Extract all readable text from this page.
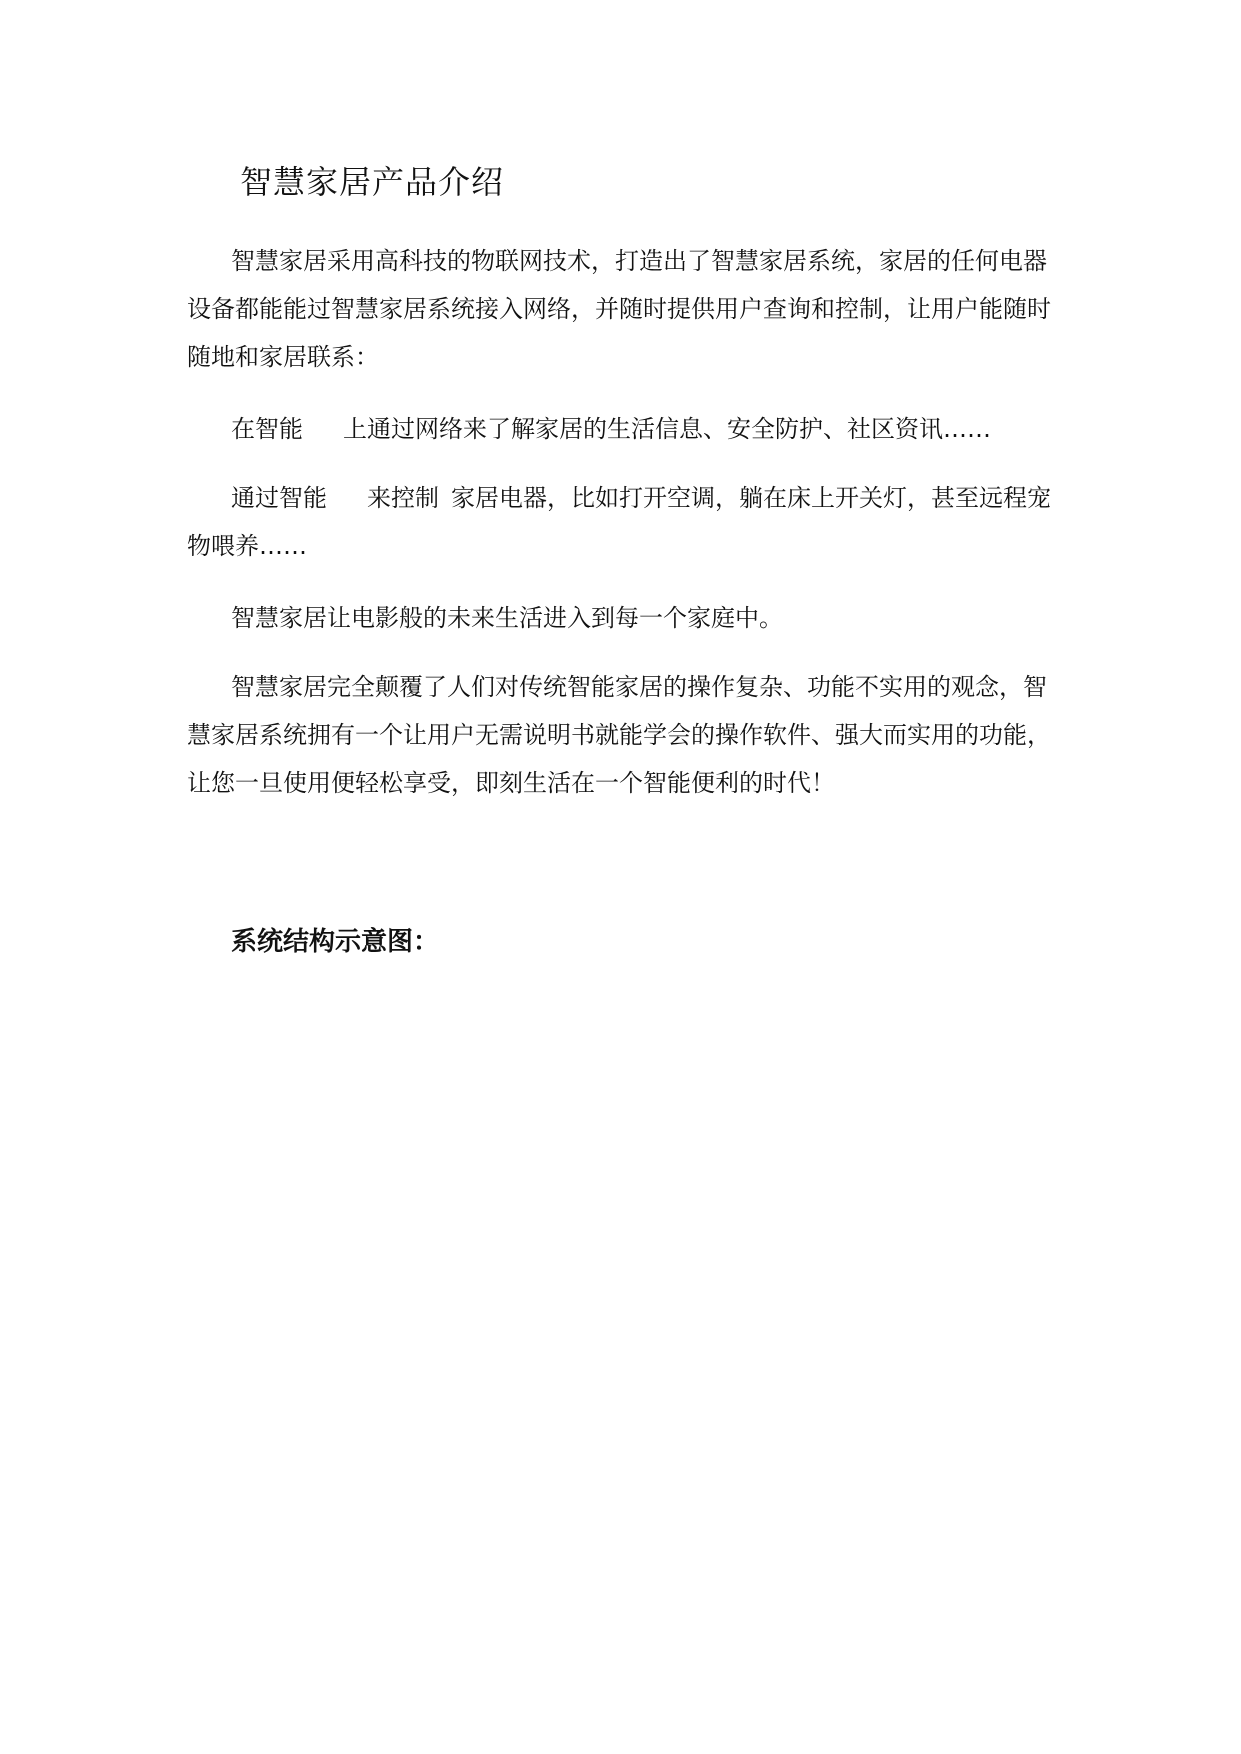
智慧家居产品介绍

智慧家居采用高科技的物联网技术，打造出了智慧家居系统，家居的任何电器设备都能能过智慧家居系统接入网络，并随时提供用户查询和控制，让用户能随时随地和家居联系：

在智能 上通过网络来了解家居的生活信息、安全防护、社区资讯……

通过智能 来控制 家居电器，比如打开空调，躺在床上开关灯，甚至远程宠物喂养……

智慧家居让电影般的未来生活进入到每一个家庭中。

智慧家居完全颠覆了人们对传统智能家居的操作复杂、功能不实用的观念，智慧家居系统拥有一个让用户无需说明书就能学会的操作软件、强大而实用的功能，让您一旦使用便轻松享受，即刻生活在一个智能便利的时代！

系统结构示意图：
